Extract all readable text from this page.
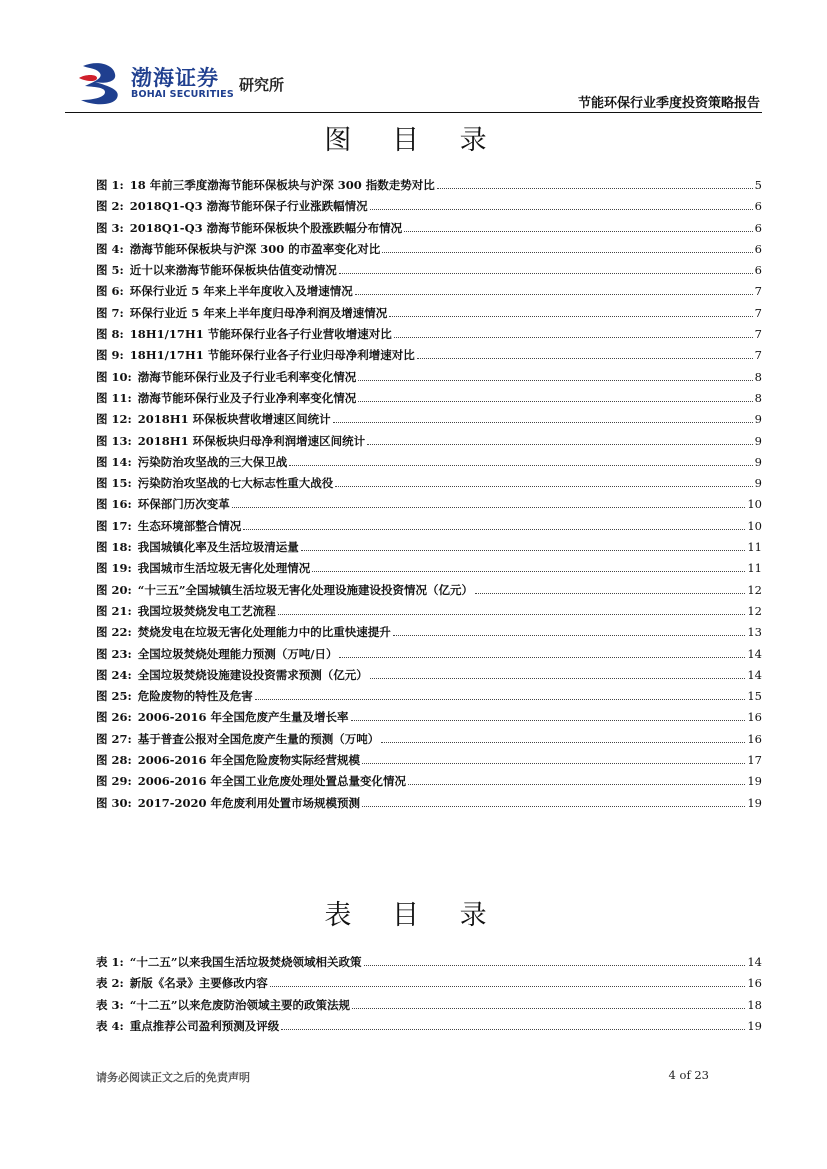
渤海证券
BOHAI SECURITIES
研究所
节能环保行业季度投资策略报告
图 目 录
图 1: 18 年前三季度渤海节能环保板块与沪深 300 指数走势对比	5
图 2: 2018Q1-Q3 渤海节能环保子行业涨跌幅情况	6
图 3: 2018Q1-Q3 渤海节能环保板块个股涨跌幅分布情况	6
图 4: 渤海节能环保板块与沪深 300 的市盈率变化对比	6
图 5: 近十以来渤海节能环保板块估值变动情况	6
图 6: 环保行业近 5 年来上半年度收入及增速情况	7
图 7: 环保行业近 5 年来上半年度归母净利润及增速情况	7
图 8: 18H1/17H1 节能环保行业各子行业营收增速对比	7
图 9: 18H1/17H1 节能环保行业各子行业归母净利增速对比	7
图 10: 渤海节能环保行业及子行业毛利率变化情况	8
图 11: 渤海节能环保行业及子行业净利率变化情况	8
图 12: 2018H1 环保板块营收增速区间统计	9
图 13: 2018H1 环保板块归母净利润增速区间统计	9
图 14: 污染防治攻坚战的三大保卫战	9
图 15: 污染防治攻坚战的七大标志性重大战役	9
图 16: 环保部门历次变革	10
图 17: 生态环境部整合情况	10
图 18: 我国城镇化率及生活垃圾清运量	11
图 19: 我国城市生活垃圾无害化处理情况	11
图 20: “十三五”全国城镇生活垃圾无害化处理设施建设投资情况（亿元）	12
图 21: 我国垃圾焚烧发电工艺流程	12
图 22: 焚烧发电在垃圾无害化处理能力中的比重快速提升	13
图 23: 全国垃圾焚烧处理能力预测（万吨/日）	14
图 24: 全国垃圾焚烧设施建设投资需求预测（亿元）	14
图 25: 危险废物的特性及危害	15
图 26: 2006-2016 年全国危废产生量及增长率	16
图 27: 基于普查公报对全国危废产生量的预测（万吨）	16
图 28: 2006-2016 年全国危险废物实际经营规模	17
图 29: 2006-2016 年全国工业危废处理处置总量变化情况	19
图 30: 2017-2020 年危废利用处置市场规模预测	19
表 目 录
表 1: “十二五”以来我国生活垃圾焚烧领域相关政策	14
表 2: 新版《名录》主要修改内容	16
表 3: “十二五”以来危废防治领域主要的政策法规	18
表 4: 重点推荐公司盈利预测及评级	19
请务必阅读正文之后的免责声明	4 of 23
